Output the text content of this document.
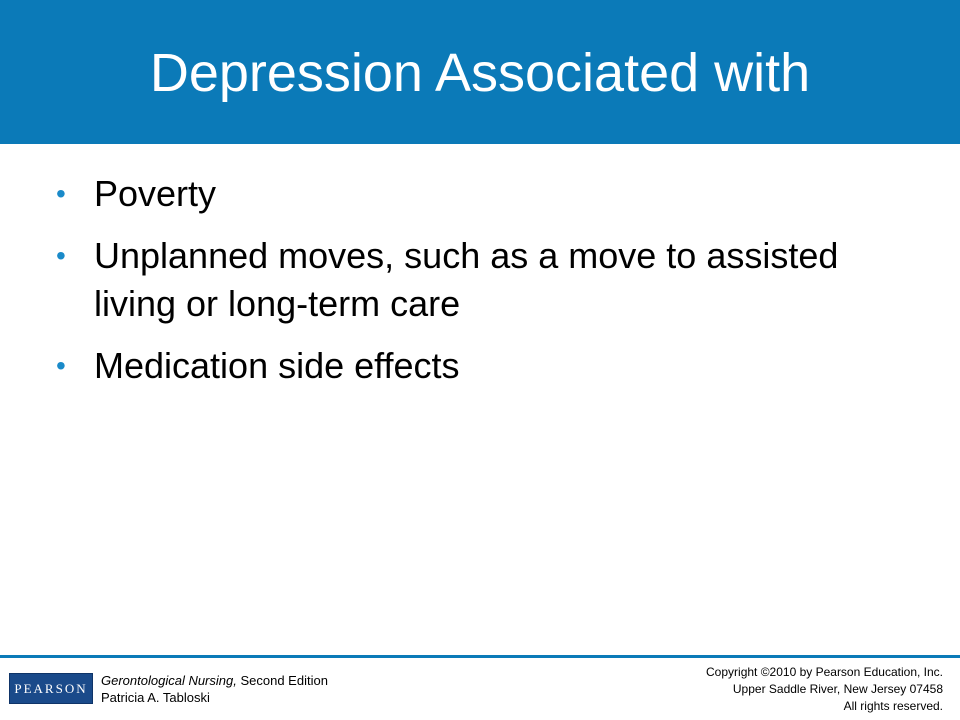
Depression Associated with
• Poverty
• Unplanned moves, such as a move to assisted living or long-term care
• Medication side effects
PEARSON Gerontological Nursing, Second Edition
Patricia A. Tabloski
Copyright ©2010 by Pearson Education, Inc.
Upper Saddle River, New Jersey 07458
All rights reserved.
